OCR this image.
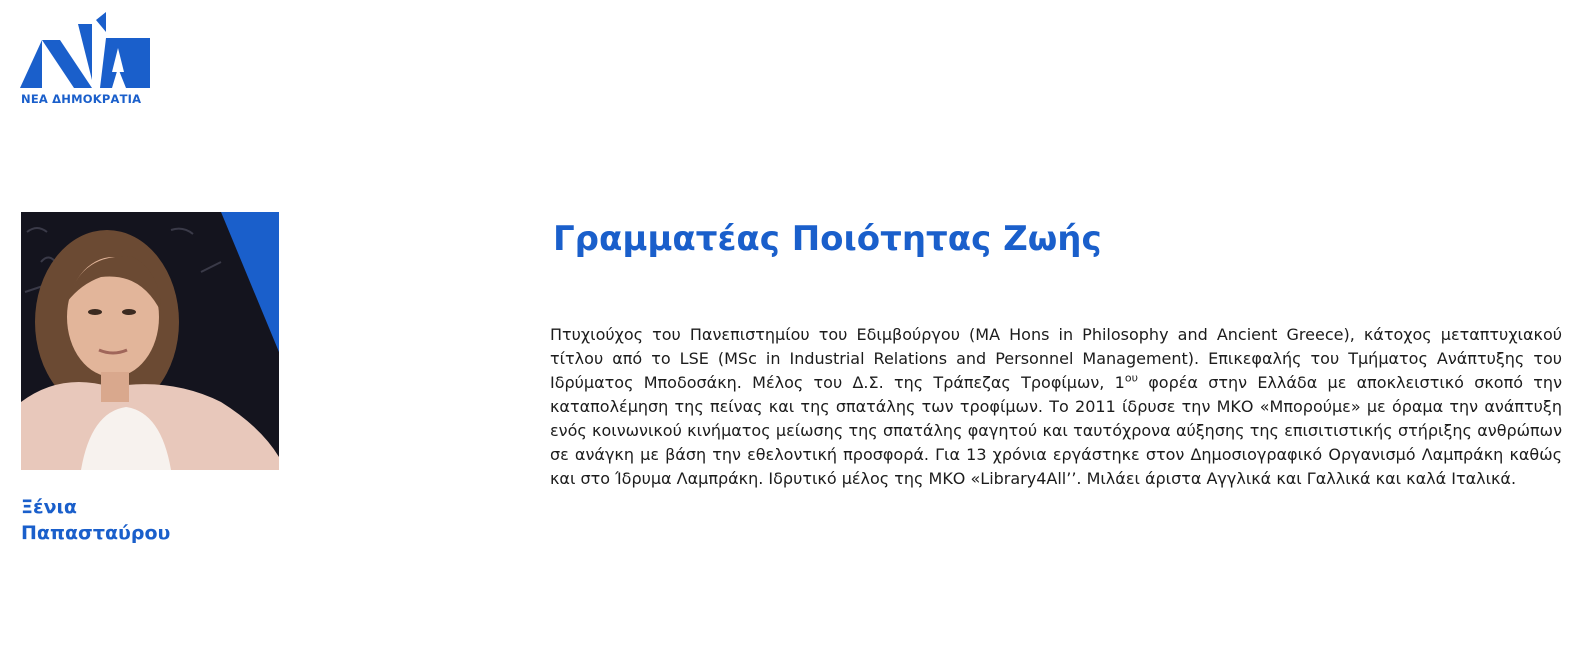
ΝΕΑ ΔΗΜΟΚΡΑΤΙΑ
Ξένια
Παπασταύρου
Γραμματέας Ποιότητας Ζωής

Πτυχιούχος του Πανεπιστημίου του Εδιμβούργου (MA Hons in Philosophy and Ancient Greece), κάτοχος μεταπτυχιακού τίτλου από το LSE (MSc in Industrial Relations and Personnel Management). Επικεφαλής του Τμήματος Ανάπτυξης του Ιδρύματος Μποδοσάκη. Μέλος του Δ.Σ. της Τράπεζας Τροφίμων, $1^{o\upsilon}$ φορέα στην Ελλάδα με αποκλειστικό σκοπό την καταπολέμηση της πείνας και της σπατάλης των τροφίμων. Το 2011 ίδρυσε την ΜΚΟ «Μπορούμε» με όραμα την ανάπτυξη ενός κοινωνικού κινήματος μείωσης της σπατάλης φαγητού και ταυτόχρονα αύξησης της επισιτιστικής στήριξης ανθρώπων σε ανάγκη με βάση την εθελοντική προσφορά. Για 13 χρόνια εργάστηκε στον Δημοσιογραφικό Οργανισμό Λαμπράκη καθώς και στο Ίδρυμα Λαμπράκη. Ιδρυτικό μέλος της ΜΚΟ «Library4All’’. Μιλάει άριστα Αγγλικά και Γαλλικά και καλά Ιταλικά.
